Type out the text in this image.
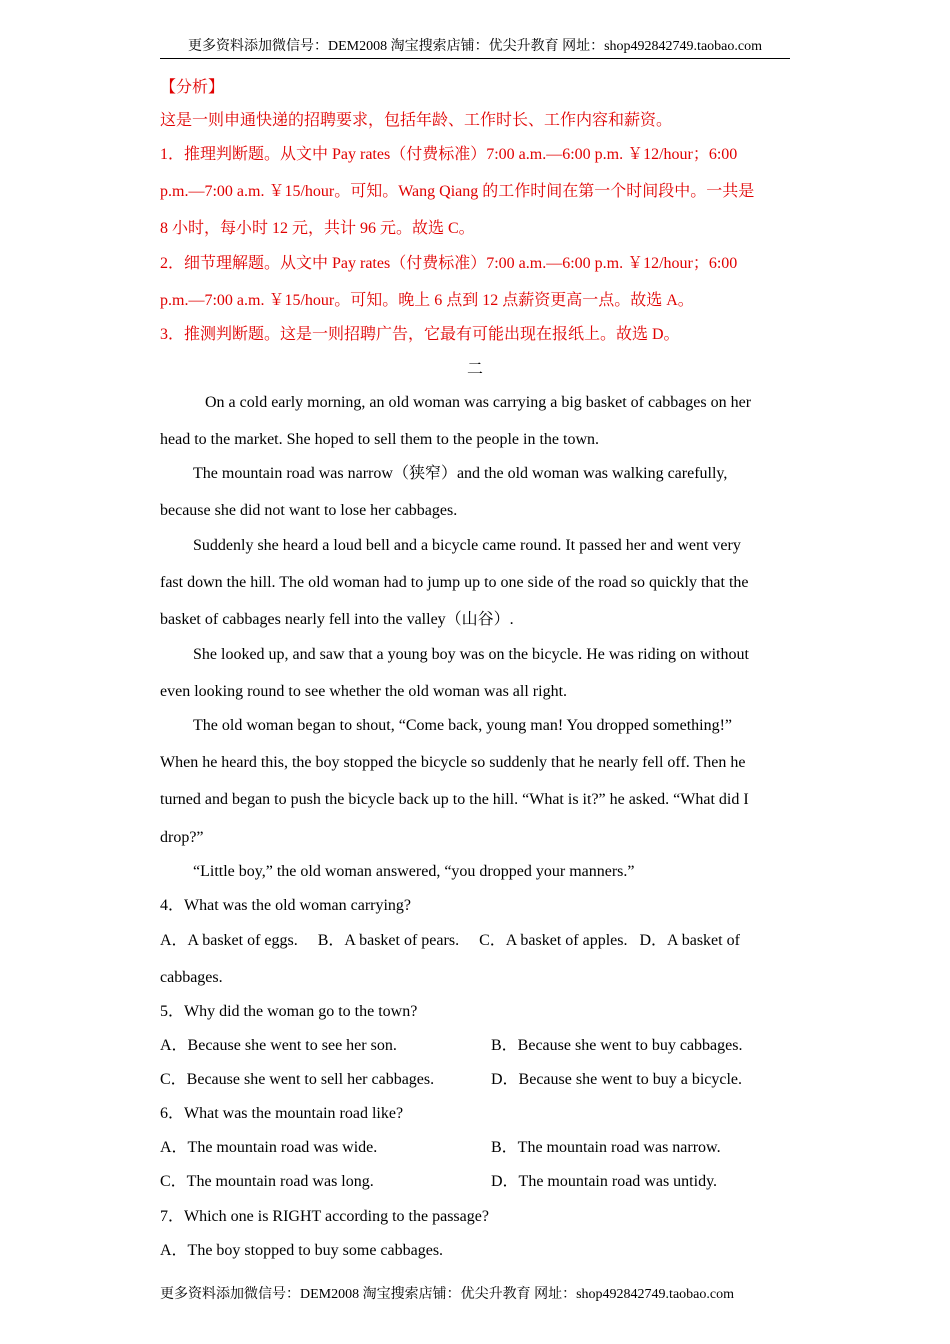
更多资料添加微信号：DEM2008 淘宝搜索店铺：优尖升教育 网址：shop492842749.taobao.com
【分析】
这是一则申通快递的招聘要求，包括年龄、工作时长、工作内容和薪资。
1．推理判断题。从文中 Pay rates（付费标准）7:00 a.m.—6:00 p.m. ￥12/hour；6:00
p.m.—7:00 a.m. ￥15/hour。可知。Wang Qiang 的工作时间在第一个时间段中。一共是
8 小时，每小时 12 元，共计 96 元。故选 C。
2．细节理解题。从文中 Pay rates（付费标准）7:00 a.m.—6:00 p.m. ￥12/hour；6:00
p.m.—7:00 a.m. ￥15/hour。可知。晚上 6 点到 12 点薪资更高一点。故选 A。
3．推测判断题。这是一则招聘广告，它最有可能出现在报纸上。故选 D。
二
On a cold early morning, an old woman was carrying a big basket of cabbages on her
head to the market. She hoped to sell them to the people in the town.
The mountain road was narrow（狭窄）and the old woman was walking carefully,
because she did not want to lose her cabbages.
Suddenly she heard a loud bell and a bicycle came round. It passed her and went very
fast down the hill. The old woman had to jump up to one side of the road so quickly that the
basket of cabbages nearly fell into the valley（山谷）.
She looked up, and saw that a young boy was on the bicycle. He was riding on without
even looking round to see whether the old woman was all right.
The old woman began to shout, “Come back, young man! You dropped something!”
When he heard this, the boy stopped the bicycle so suddenly that he nearly fell off. Then he
turned and began to push the bicycle back up to the hill. “What is it?” he asked. “What did I
drop?”
“Little boy,” the old woman answered, “you dropped your manners.”
4．What was the old woman carrying?
A．A basket of eggs.     B．A basket of pears.     C．A basket of apples.   D．A basket of
cabbages.
5．Why did the woman go to the town?
A．Because she went to see her son.	B．Because she went to buy cabbages.
C．Because she went to sell her cabbages.	D．Because she went to buy a bicycle.
6．What was the mountain road like?
A．The mountain road was wide.	B．The mountain road was narrow.
C．The mountain road was long.	D．The mountain road was untidy.
7．Which one is RIGHT according to the passage?
A．The boy stopped to buy some cabbages.
更多资料添加微信号：DEM2008 淘宝搜索店铺：优尖升教育 网址：shop492842749.taobao.com
